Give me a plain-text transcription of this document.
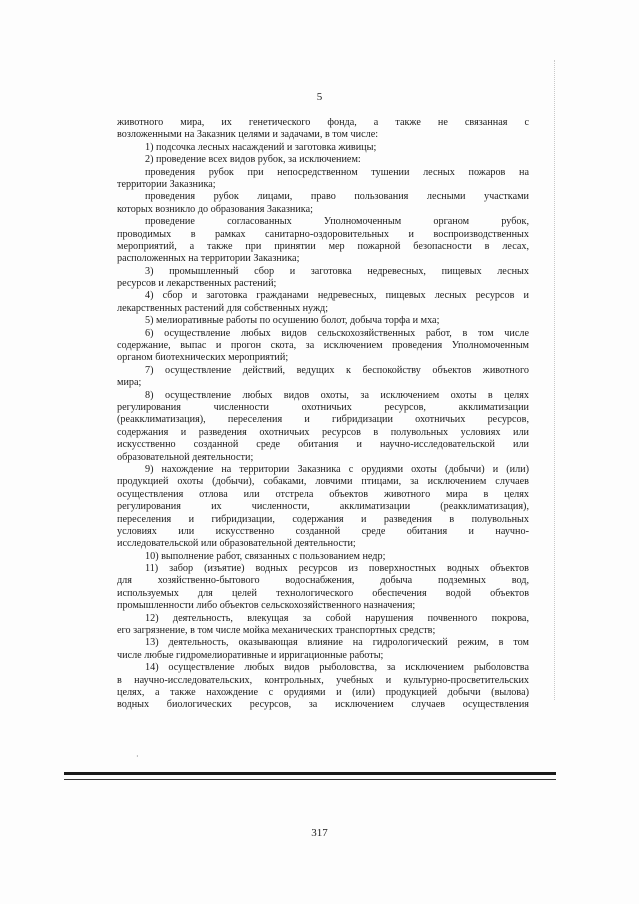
5
животного мира, их генетического фонда, а также не связанная с
возложенными на Заказник целями и задачами, в том числе:
1) подсочка лесных насаждений и заготовка живицы;
2) проведение всех видов рубок, за исключением:
проведения рубок при непосредственном тушении лесных пожаров на
территории Заказника;
проведения рубок лицами, право пользования лесными участками
которых возникло до образования Заказника;
проведение согласованных Уполномоченным органом рубок,
проводимых в рамках санитарно-оздоровительных и воспроизводственных
мероприятий, а также при принятии мер пожарной безопасности в лесах,
расположенных на территории Заказника;
3) промышленный сбор и заготовка недревесных, пищевых лесных
ресурсов и лекарственных растений;
4) сбор и заготовка гражданами недревесных, пищевых лесных ресурсов и
лекарственных растений для собственных нужд;
5) мелиоративные работы по осушению болот, добыча торфа и мха;
6) осуществление любых видов сельскохозяйственных работ, в том числе
содержание, выпас и прогон скота, за исключением проведения Уполномоченным
органом биотехнических мероприятий;
7) осуществление действий, ведущих к беспокойству объектов животного
мира;
8) осуществление любых видов охоты, за исключением охоты в целях
регулирования численности охотничьих ресурсов, акклиматизации
(реакклиматизация), переселения и гибридизации охотничьих ресурсов,
содержания и разведения охотничьих ресурсов в полувольных условиях или
искусственно созданной среде обитания и научно-исследовательской или
образовательной деятельности;
9) нахождение на территории Заказника с орудиями охоты (добычи) и (или)
продукцией охоты (добычи), собаками, ловчими птицами, за исключением случаев
осуществления отлова или отстрела объектов животного мира в целях
регулирования их численности, акклиматизации (реакклиматизация),
переселения и гибридизации, содержания и разведения в полувольных
условиях или искусственно созданной среде обитания и научно-
исследовательской или образовательной деятельности;
10) выполнение работ, связанных с пользованием недр;
11) забор (изъятие) водных ресурсов из поверхностных водных объектов
для хозяйственно-бытового водоснабжения, добыча подземных вод,
используемых для целей технологического обеспечения водой объектов
промышленности либо объектов сельскохозяйственного назначения;
12) деятельность, влекущая за собой нарушения почвенного покрова,
его загрязнение, в том числе мойка механических транспортных средств;
13) деятельность, оказывающая влияние на гидрологический режим, в том
числе любые гидромелиоративные и ирригационные работы;
14) осуществление любых видов рыболовства, за исключением рыболовства
в научно-исследовательских, контрольных, учебных и культурно-просветительских
целях, а также нахождение с орудиями и (или) продукцией добычи (вылова)
водных биологических ресурсов, за исключением случаев осуществления
·
317
